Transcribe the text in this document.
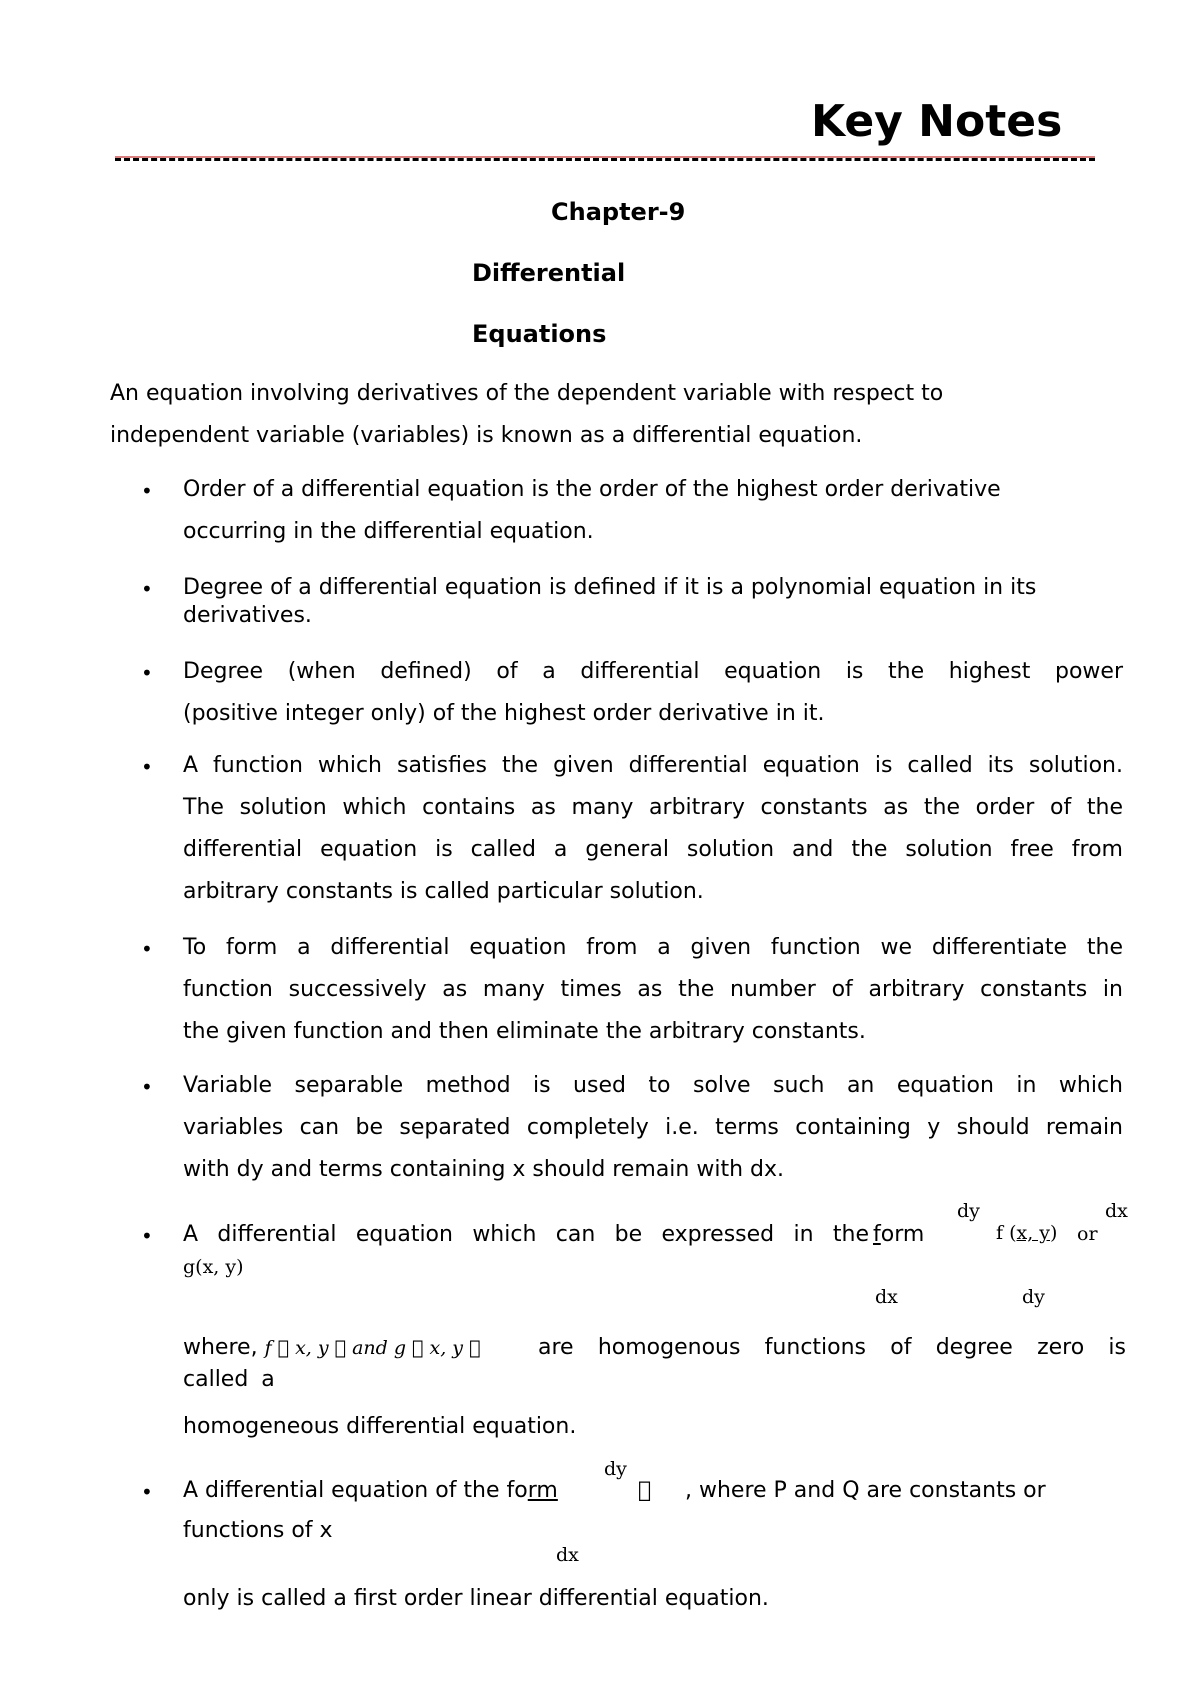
Key Notes
Chapter-9
Differential
Equations
An equation involving derivatives of the dependent variable with respect to
independent variable (variables) is known as a differential equation.
• Order of a differential equation is the order of the highest order derivative
occurring in the differential equation.
• Degree of a differential equation is defined if it is a polynomial equation in its
derivatives.
• Degree (when defined) of a differential equation is the highest power
(positive integer only) of the highest order derivative in it.
• A function which satisfies the given differential equation is called its solution.
The solution which contains as many arbitrary constants as the order of the
differential equation is called a general solution and the solution free from
arbitrary constants is called particular solution.
• To form a differential equation from a given function we differentiate the
function successively as many times as the number of arbitrary constants in
the given function and then eliminate the arbitrary constants.
• Variable separable method is used to solve such an equation in which
variables can be separated completely i.e. terms containing y should remain
with dy and terms containing x should remain with dx.
• A differential equation which can be expressed in the form
dy
f (x, y) or
dx
g(x, y)
dx	dy
where, f   x, y   and g   x, y  	are homogenous functions of degree zero is
called a
homogeneous differential equation.
• A differential equation of the form
dy
  , where P and Q are constants or
functions of x
dx
only is called a first order linear differential equation.
